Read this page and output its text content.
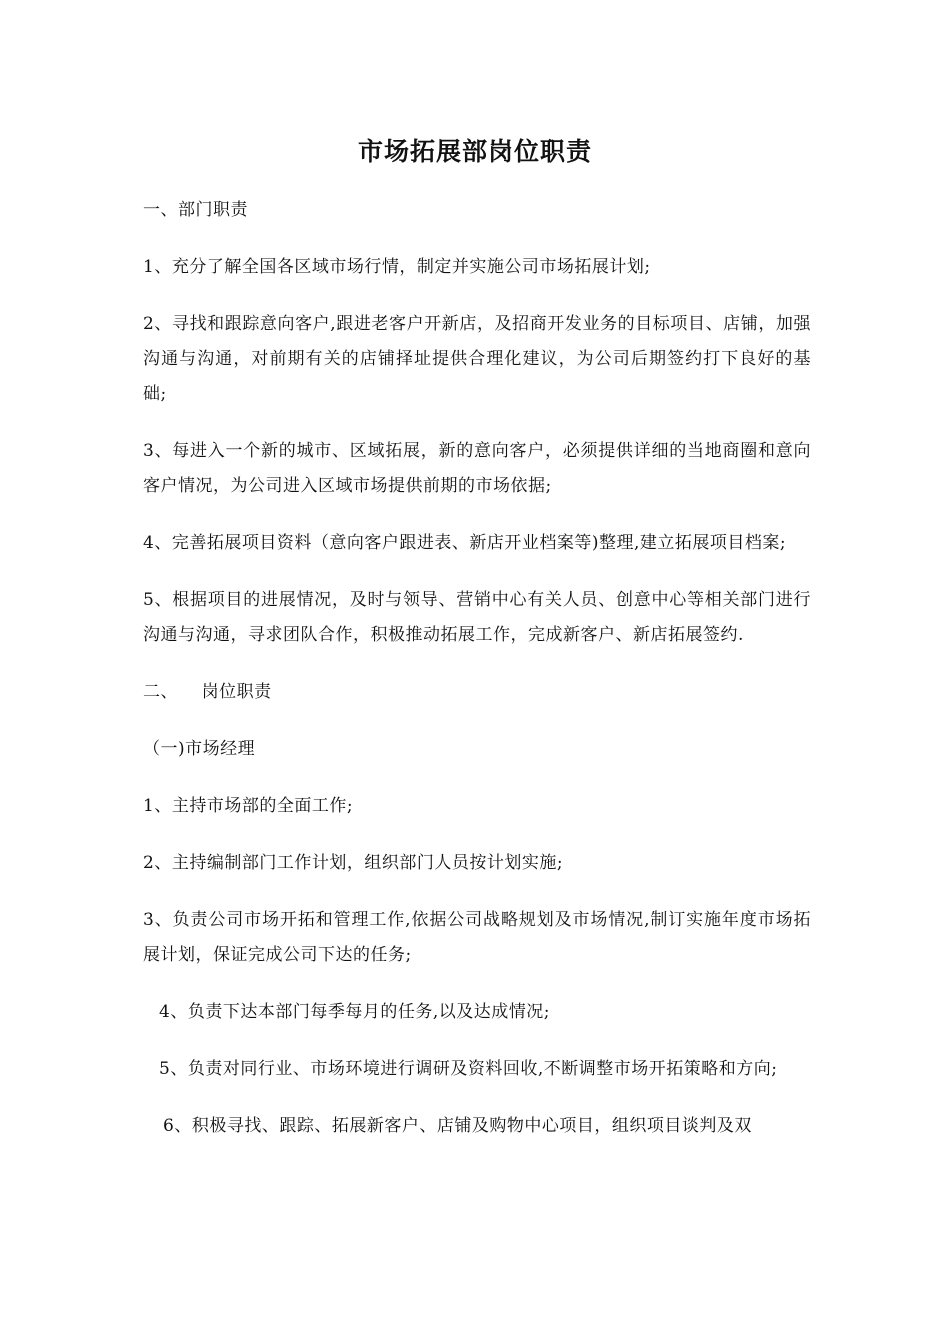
市场拓展部岗位职责

一、部门职责

1、充分了解全国各区域市场行情，制定并实施公司市场拓展计划;

2、寻找和跟踪意向客户,跟进老客户开新店，及招商开发业务的目标项目、店铺，加强沟通与沟通，对前期有关的店铺择址提供合理化建议，为公司后期签约打下良好的基础;

3、每进入一个新的城市、区域拓展，新的意向客户，必须提供详细的当地商圈和意向客户情况，为公司进入区域市场提供前期的市场依据;

4、完善拓展项目资料（意向客户跟进表、新店开业档案等)整理,建立拓展项目档案;

5、根据项目的进展情况，及时与领导、营销中心有关人员、创意中心等相关部门进行沟通与沟通，寻求团队合作，积极推动拓展工作，完成新客户、新店拓展签约.

二、    岗位职责

（一)市场经理

1、主持市场部的全面工作;

2、主持编制部门工作计划，组织部门人员按计划实施;

3、负责公司市场开拓和管理工作,依据公司战略规划及市场情况,制订实施年度市场拓展计划，保证完成公司下达的任务;

4、负责下达本部门每季每月的任务,以及达成情况;

5、负责对同行业、市场环境进行调研及资料回收,不断调整市场开拓策略和方向;

6、积极寻找、跟踪、拓展新客户、店铺及购物中心项目，组织项目谈判及双
